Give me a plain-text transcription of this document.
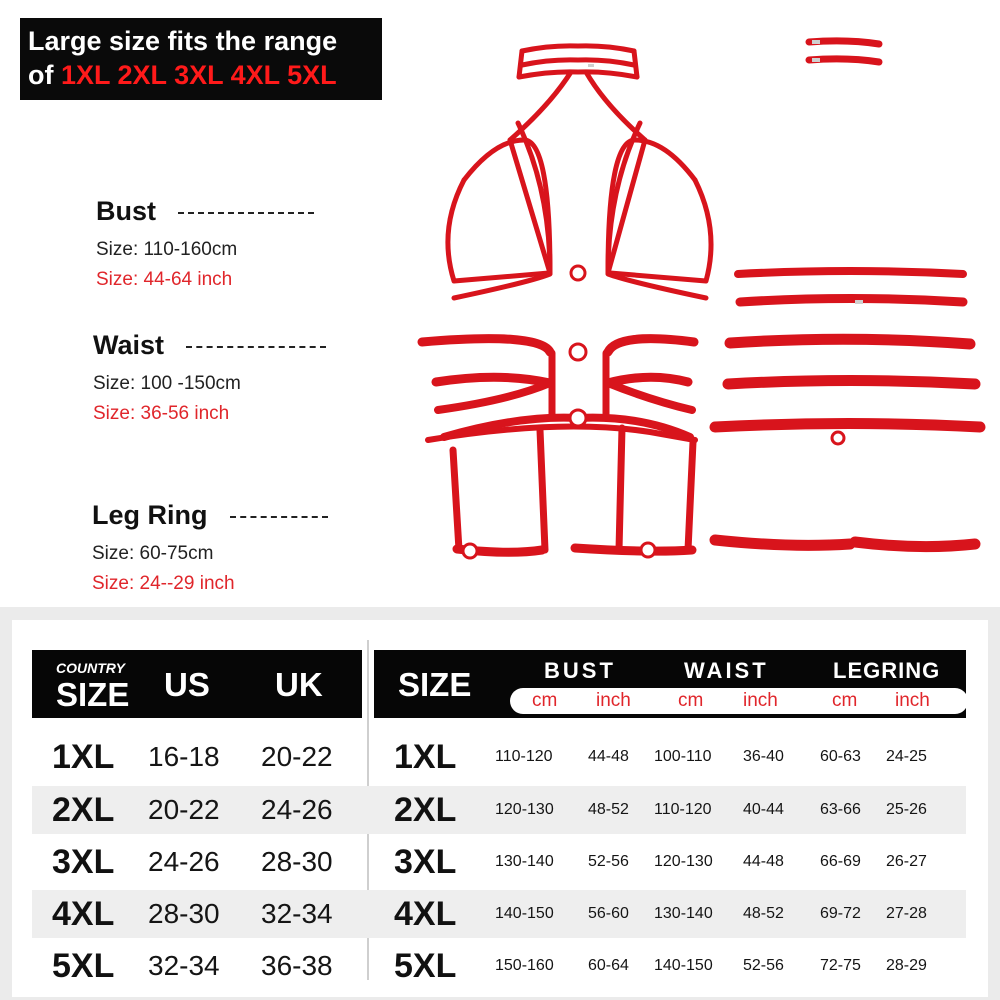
Large size fits the range
of 1XL 2XL 3XL 4XL 5XL
Bust
Size: 110-160cm
Size: 44-64 inch
Waist
Size: 100 -150cm
Size: 36-56 inch
Leg Ring
Size: 60-75cm
Size: 24--29 inch
COUNTRY
SIZE US UK SIZE	BUST	WAIST	LEGRING
cm inch cm inch	cm inch
1XL 16-18 20-22 1XL 110-120 44-48 100-110 36-40 60-63 24-25
2XL 20-22 24-26 2XL 120-130 48-52 110-120 40-44 63-66 25-26
3XL 24-26 28-30 3XL 130-140 52-56 120-130 44-48 66-69 26-27
4XL 28-30 32-34 4XL 140-150 56-60 130-140 48-52 69-72 27-28
5XL 32-34 36-38 5XL 150-160 60-64 140-150 52-56 72-75 28-29
